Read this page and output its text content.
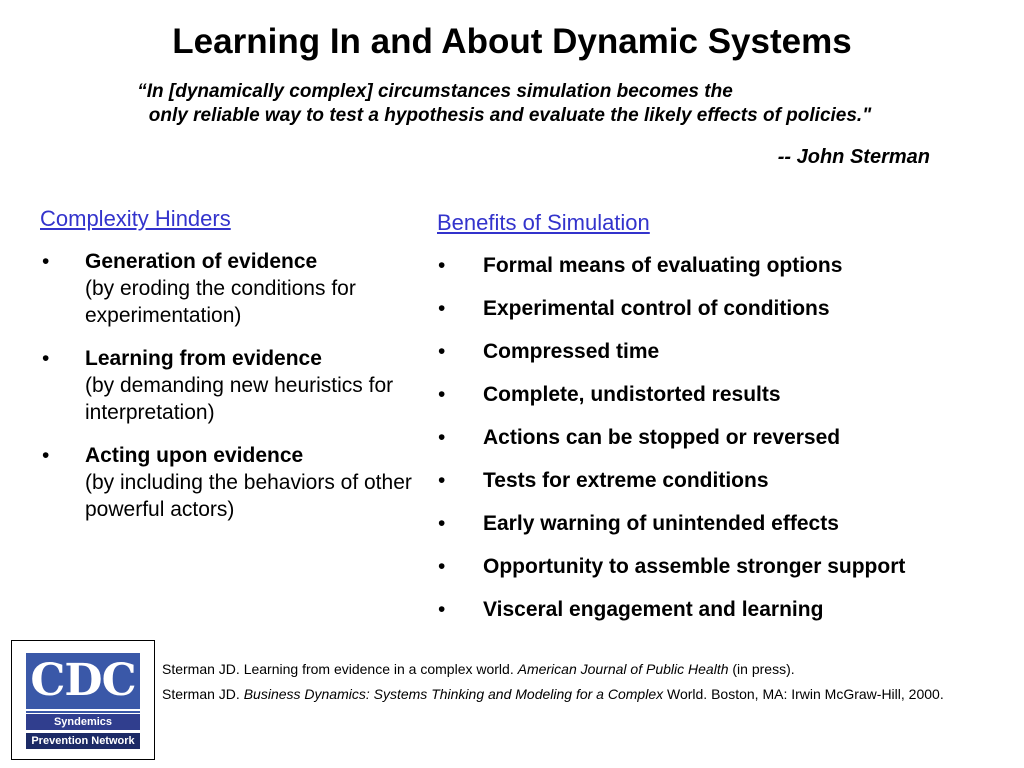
Learning In and About Dynamic Systems
“In [dynamically complex] circumstances simulation becomes the
only reliable way to test a hypothesis and evaluate the likely effects of policies."
-- John Sterman
Complexity Hinders
• Generation of evidence
(by eroding the conditions for experimentation)
• Learning from evidence
(by demanding new heuristics for interpretation)
• Acting upon evidence
(by including the behaviors of other powerful actors)
Benefits of Simulation
• Formal means of evaluating options
• Experimental control of conditions
• Compressed time
• Complete, undistorted results
• Actions can be stopped or reversed
• Tests for extreme conditions
• Early warning of unintended effects
• Opportunity to assemble stronger support
• Visceral engagement and learning
CDC
Syndemics
Prevention Network

Sterman JD. Learning from evidence in a complex world. American Journal of Public Health (in press).

Sterman JD. Business Dynamics: Systems Thinking and Modeling for a Complex World. Boston, MA: Irwin McGraw-Hill, 2000.
